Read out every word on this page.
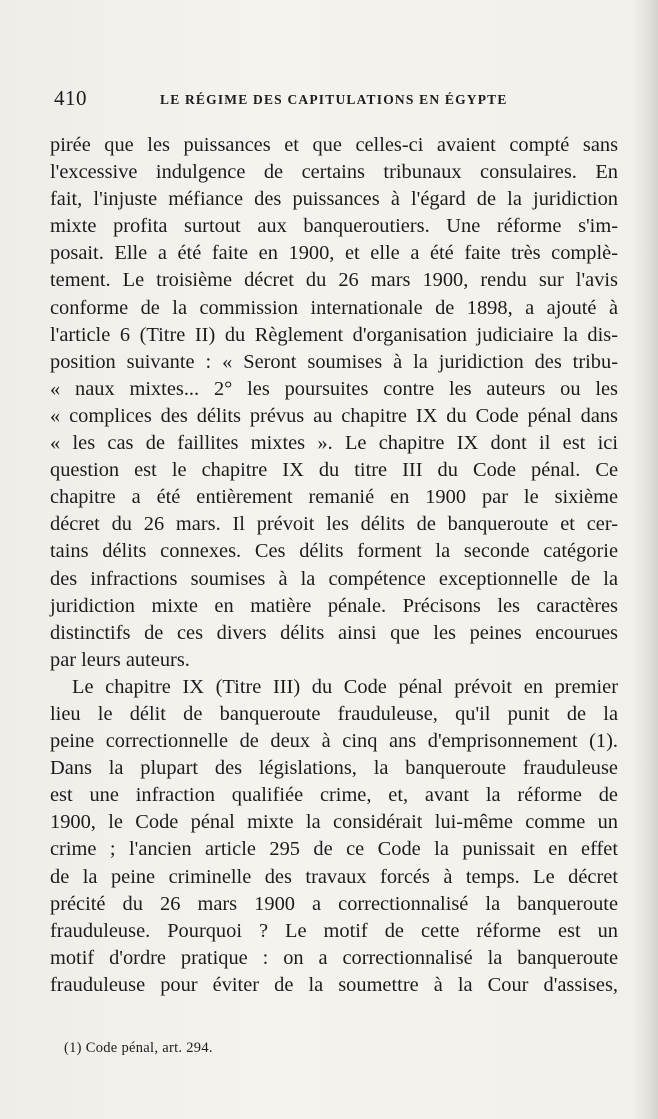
410	LE RÉGIME DES CAPITULATIONS EN ÉGYPTE
pirée que les puissances et que celles-ci avaient compté sans
l'excessive indulgence de certains tribunaux consulaires. En
fait, l'injuste méfiance des puissances à l'égard de la juridiction
mixte profita surtout aux banqueroutiers. Une réforme s'im-
posait. Elle a été faite en 1900, et elle a été faite très complè-
tement. Le troisième décret du 26 mars 1900, rendu sur l'avis
conforme de la commission internationale de 1898, a ajouté à
l'article 6 (Titre II) du Règlement d'organisation judiciaire la dis-
position suivante : « Seront soumises à la juridiction des tribu-
« naux mixtes... 2° les poursuites contre les auteurs ou les
« complices des délits prévus au chapitre IX du Code pénal dans
« les cas de faillites mixtes ». Le chapitre IX dont il est ici
question est le chapitre IX du titre III du Code pénal. Ce
chapitre a été entièrement remanié en 1900 par le sixième
décret du 26 mars. Il prévoit les délits de banqueroute et cer-
tains délits connexes. Ces délits forment la seconde catégorie
des infractions soumises à la compétence exceptionnelle de la
juridiction mixte en matière pénale. Précisons les caractères
distinctifs de ces divers délits ainsi que les peines encourues
par leurs auteurs.
Le chapitre IX (Titre III) du Code pénal prévoit en premier
lieu le délit de banqueroute frauduleuse, qu'il punit de la
peine correctionnelle de deux à cinq ans d'emprisonnement (1).
Dans la plupart des législations, la banqueroute frauduleuse
est une infraction qualifiée crime, et, avant la réforme de
1900, le Code pénal mixte la considérait lui-même comme un
crime ; l'ancien article 295 de ce Code la punissait en effet
de la peine criminelle des travaux forcés à temps. Le décret
précité du 26 mars 1900 a correctionnalisé la banqueroute
frauduleuse. Pourquoi ? Le motif de cette réforme est un
motif d'ordre pratique : on a correctionnalisé la banqueroute
frauduleuse pour éviter de la soumettre à la Cour d'assises,
(1) Code pénal, art. 294.
